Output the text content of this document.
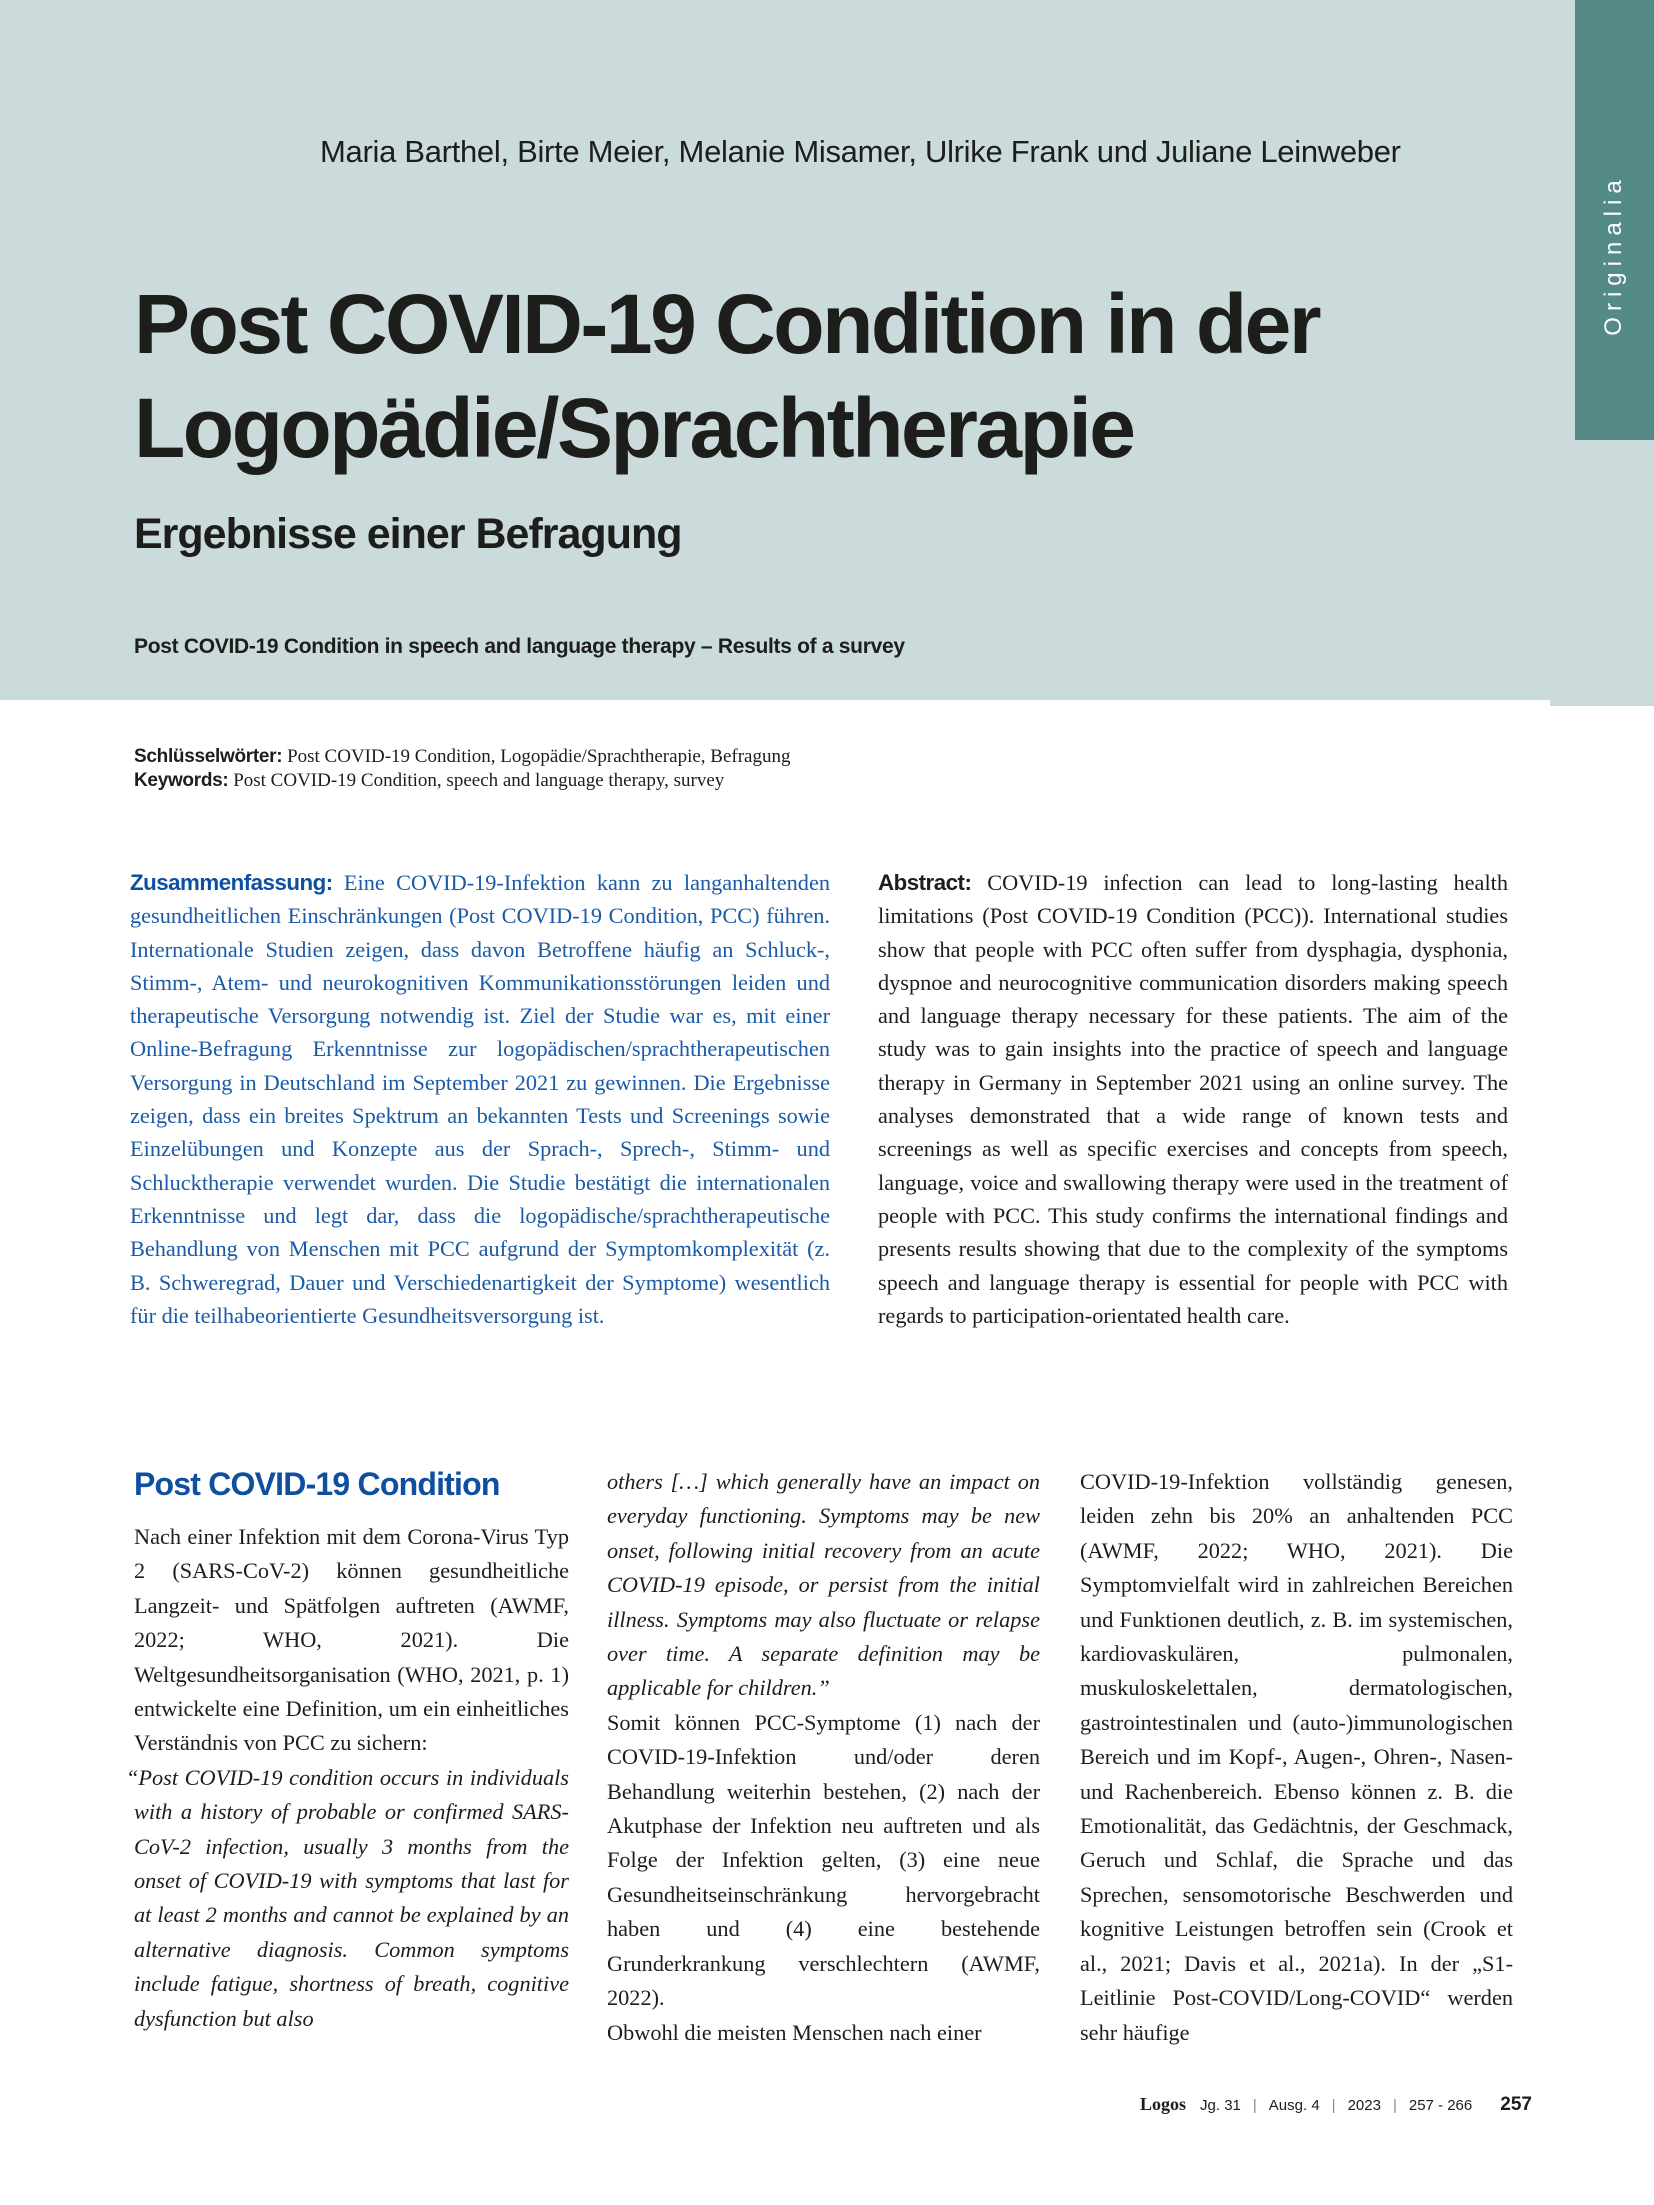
Originalia
Maria Barthel, Birte Meier, Melanie Misamer, Ulrike Frank und Juliane Leinweber
Post COVID-19 Condition in der
Logopädie/Sprachtherapie
Ergebnisse einer Befragung
Post COVID-19 Condition in speech and language therapy – Results of a survey
Schlüsselwörter: Post COVID-19 Condition, Logopädie/Sprachtherapie, Befragung
Keywords: Post COVID-19 Condition, speech and language therapy, survey
Zusammenfassung: Eine COVID-19-Infektion kann zu langanhaltenden gesundheitlichen Einschränkungen (Post COVID-19 Condition, PCC) führen. Internationale Studien zeigen, dass davon Betroffene häufig an Schluck-, Stimm-, Atem- und neurokognitiven Kommunikationsstörungen leiden und therapeutische Versorgung notwendig ist. Ziel der Studie war es, mit einer Online-Befragung Erkenntnisse zur logopädischen/sprachtherapeutischen Versorgung in Deutschland im September 2021 zu gewinnen. Die Ergebnisse zeigen, dass ein breites Spektrum an bekannten Tests und Screenings sowie Einzelübungen und Konzepte aus der Sprach-, Sprech-, Stimm- und Schlucktherapie verwendet wurden. Die Studie bestätigt die internationalen Erkenntnisse und legt dar, dass die logopädische/sprachtherapeutische Behandlung von Menschen mit PCC aufgrund der Symptomkomplexität (z. B. Schweregrad, Dauer und Verschiedenartigkeit der Symptome) wesentlich für die teilhabeorientierte Gesundheitsversorgung ist.
Abstract: COVID-19 infection can lead to long-lasting health limitations (Post COVID-19 Condition (PCC)). International studies show that people with PCC often suffer from dysphagia, dysphonia, dyspnoe and neurocognitive communication disorders making speech and language therapy necessary for these patients. The aim of the study was to gain insights into the practice of speech and language therapy in Germany in September 2021 using an online survey. The analyses demonstrated that a wide range of known tests and screenings as well as specific exercises and concepts from speech, language, voice and swallowing therapy were used in the treatment of people with PCC. This study confirms the international findings and presents results showing that due to the complexity of the symptoms speech and language therapy is essential for people with PCC with regards to participation-orientated health care.
Post COVID-19 Condition

Nach einer Infektion mit dem Corona-Virus Typ 2 (SARS-CoV-2) können gesundheitliche Langzeit- und Spätfolgen auftreten (AWMF, 2022; WHO, 2021). Die Weltgesundheitsorganisation (WHO, 2021, p. 1) entwickelte eine Definition, um ein einheitliches Verständnis von PCC zu sichern:

“Post COVID-19 condition occurs in individuals with a history of probable or confirmed SARS-CoV-2 infection, usually 3 months from the onset of COVID-19 with symptoms that last for at least 2 months and cannot be explained by an alternative diagnosis. Common symptoms include fatigue, shortness of breath, cognitive dysfunction but also

others […] which generally have an impact on everyday functioning. Symptoms may be new onset, following initial recovery from an acute COVID-19 episode, or persist from the initial illness. Symptoms may also fluctuate or relapse over time. A separate definition may be applicable for children.”

Somit können PCC-Symptome (1) nach der COVID-19-Infektion und/oder deren Behandlung weiterhin bestehen, (2) nach der Akutphase der Infektion neu auftreten und als Folge der Infektion gelten, (3) eine neue Gesundheitseinschränkung hervorgebracht haben und (4) eine bestehende Grunderkrankung verschlechtern (AWMF, 2022).

Obwohl die meisten Menschen nach einer

COVID-19-Infektion vollständig genesen, leiden zehn bis 20% an anhaltenden PCC (AWMF, 2022; WHO, 2021). Die Symptomvielfalt wird in zahlreichen Bereichen und Funktionen deutlich, z. B. im systemischen, kardiovaskulären, pulmonalen, muskuloskelettalen, dermatologischen, gastrointestinalen und (auto-)immunologischen Bereich und im Kopf-, Augen-, Ohren-, Nasen- und Rachenbereich. Ebenso können z. B. die Emotionalität, das Gedächtnis, der Geschmack, Geruch und Schlaf, die Sprache und das Sprechen, sensomotorische Beschwerden und kognitive Leistungen betroffen sein (Crook et al., 2021; Davis et al., 2021a). In der „S1-Leitlinie Post-COVID/Long-COVID“ werden sehr häufige

Logos Jg. 31 | Ausg. 4 | 2023 | 257 - 266 257
